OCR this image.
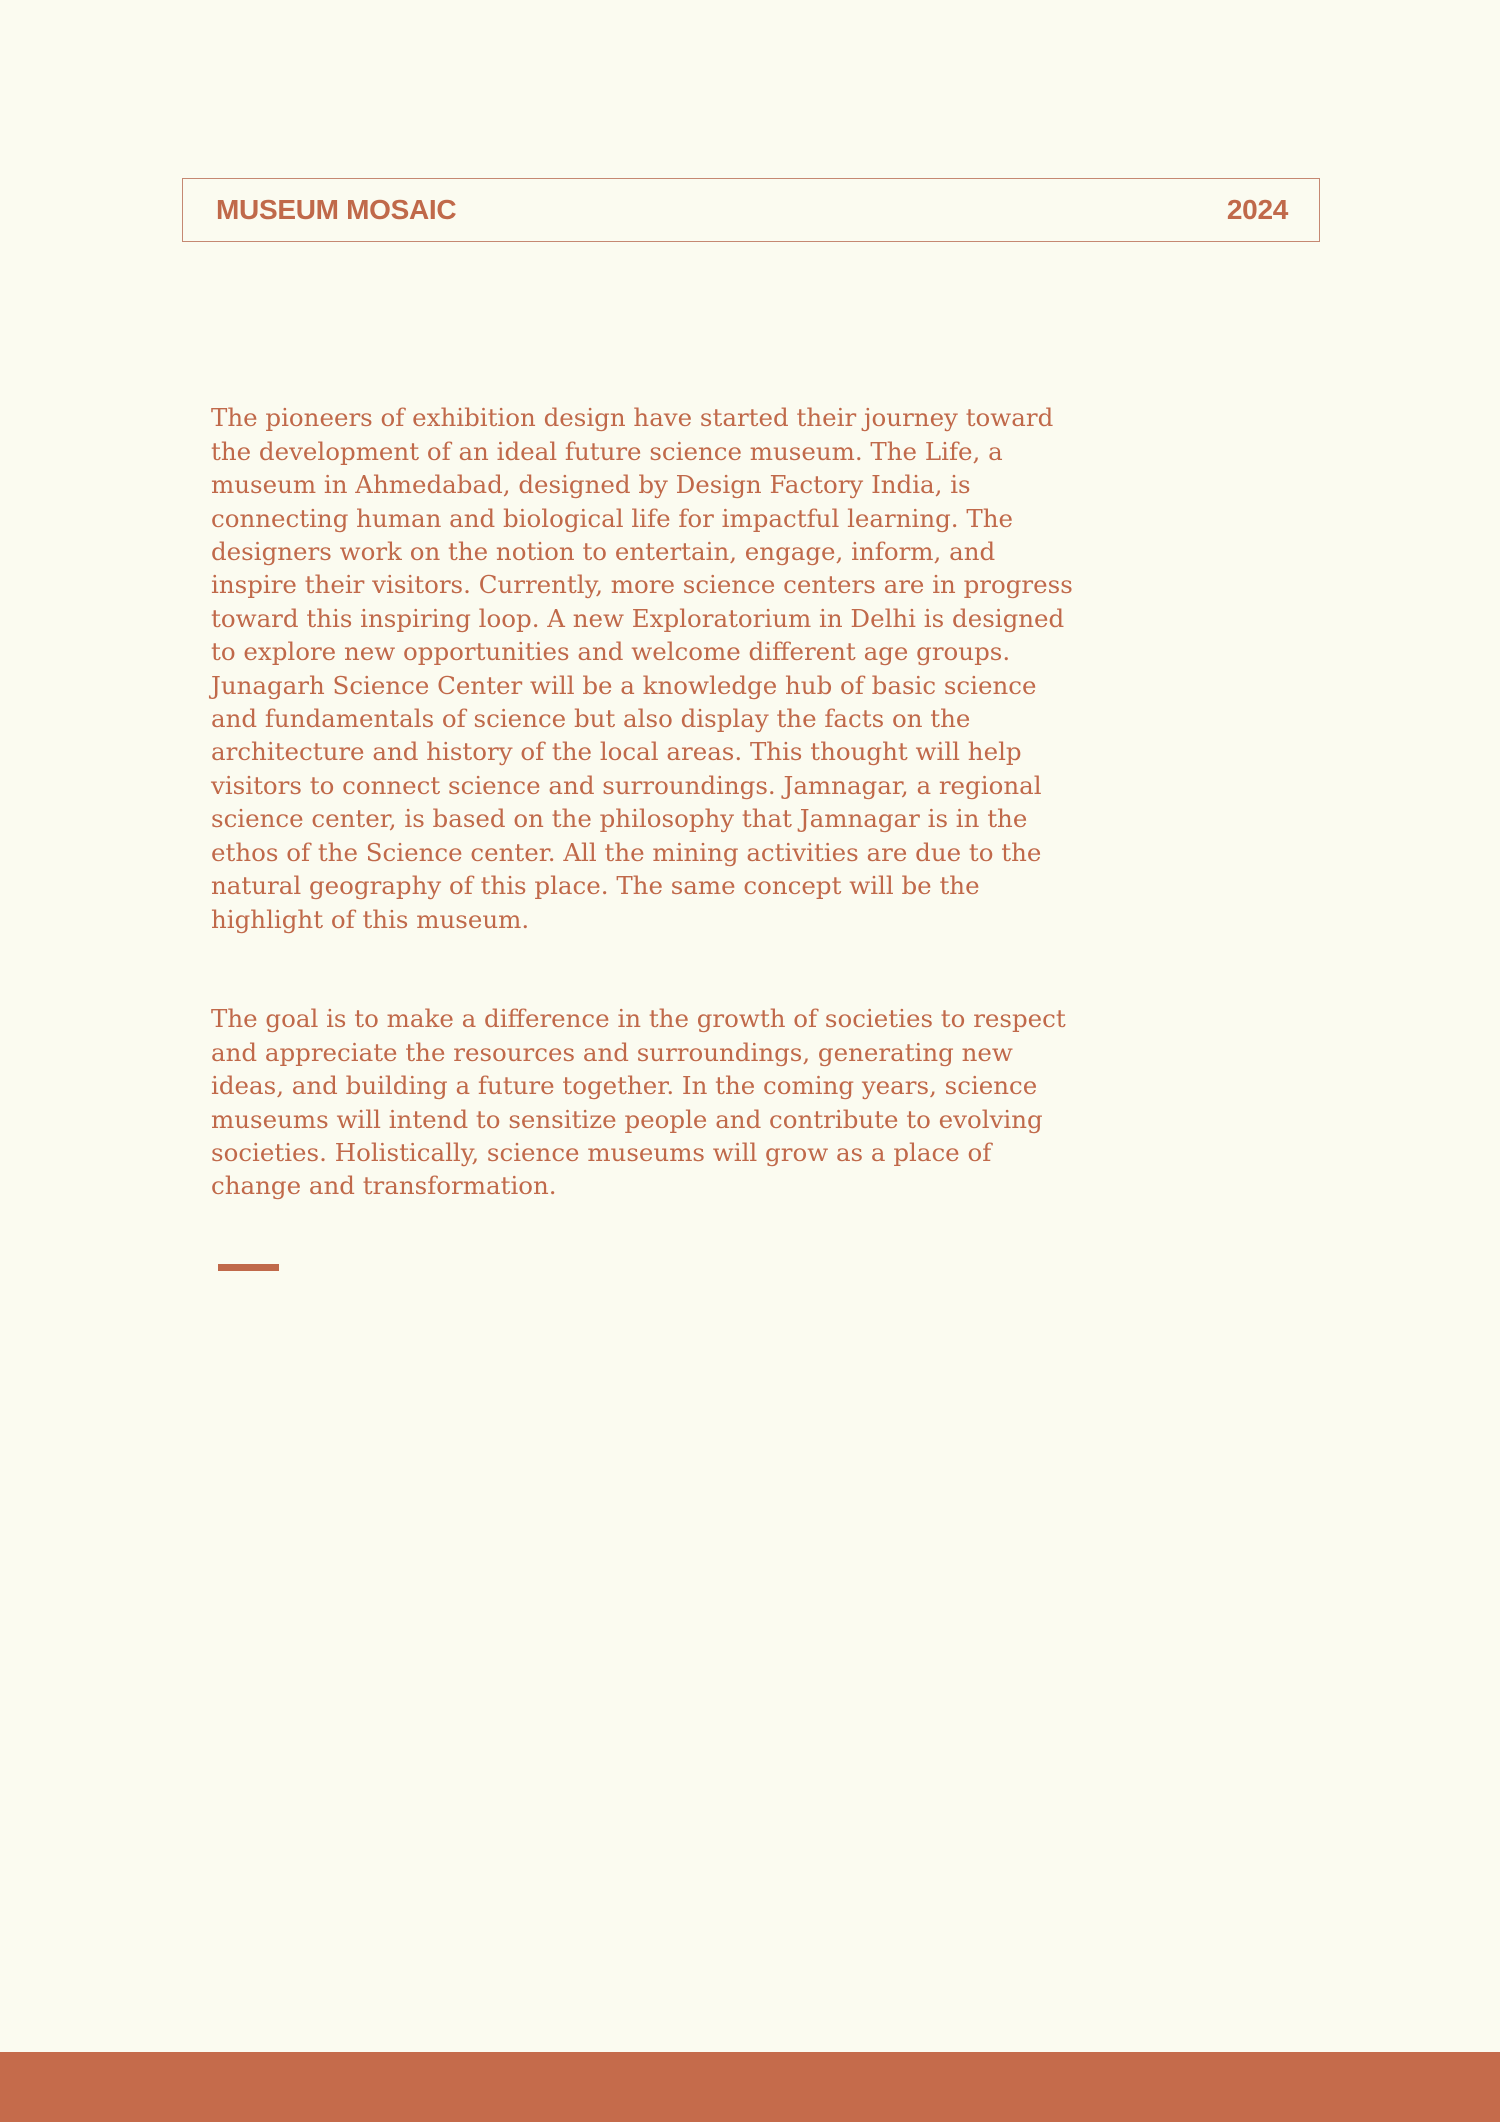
MUSEUM MOSAIC	2024

The pioneers of exhibition design have started their journey toward
the development of an ideal future science museum. The Life, a
museum in Ahmedabad, designed by Design Factory India, is
connecting human and biological life for impactful learning. The
designers work on the notion to entertain, engage, inform, and
inspire their visitors. Currently, more science centers are in progress
toward this inspiring loop. A new Exploratorium in Delhi is designed
to explore new opportunities and welcome different age groups.
Junagarh Science Center will be a knowledge hub of basic science
and fundamentals of science but also display the facts on the
architecture and history of the local areas. This thought will help
visitors to connect science and surroundings. Jamnagar, a regional
science center, is based on the philosophy that Jamnagar is in the
ethos of the Science center. All the mining activities are due to the
natural geography of this place. The same concept will be the
highlight of this museum.

The goal is to make a difference in the growth of societies to respect
and appreciate the resources and surroundings, generating new
ideas, and building a future together. In the coming years, science
museums will intend to sensitize people and contribute to evolving
societies. Holistically, science museums will grow as a place of
change and transformation.
